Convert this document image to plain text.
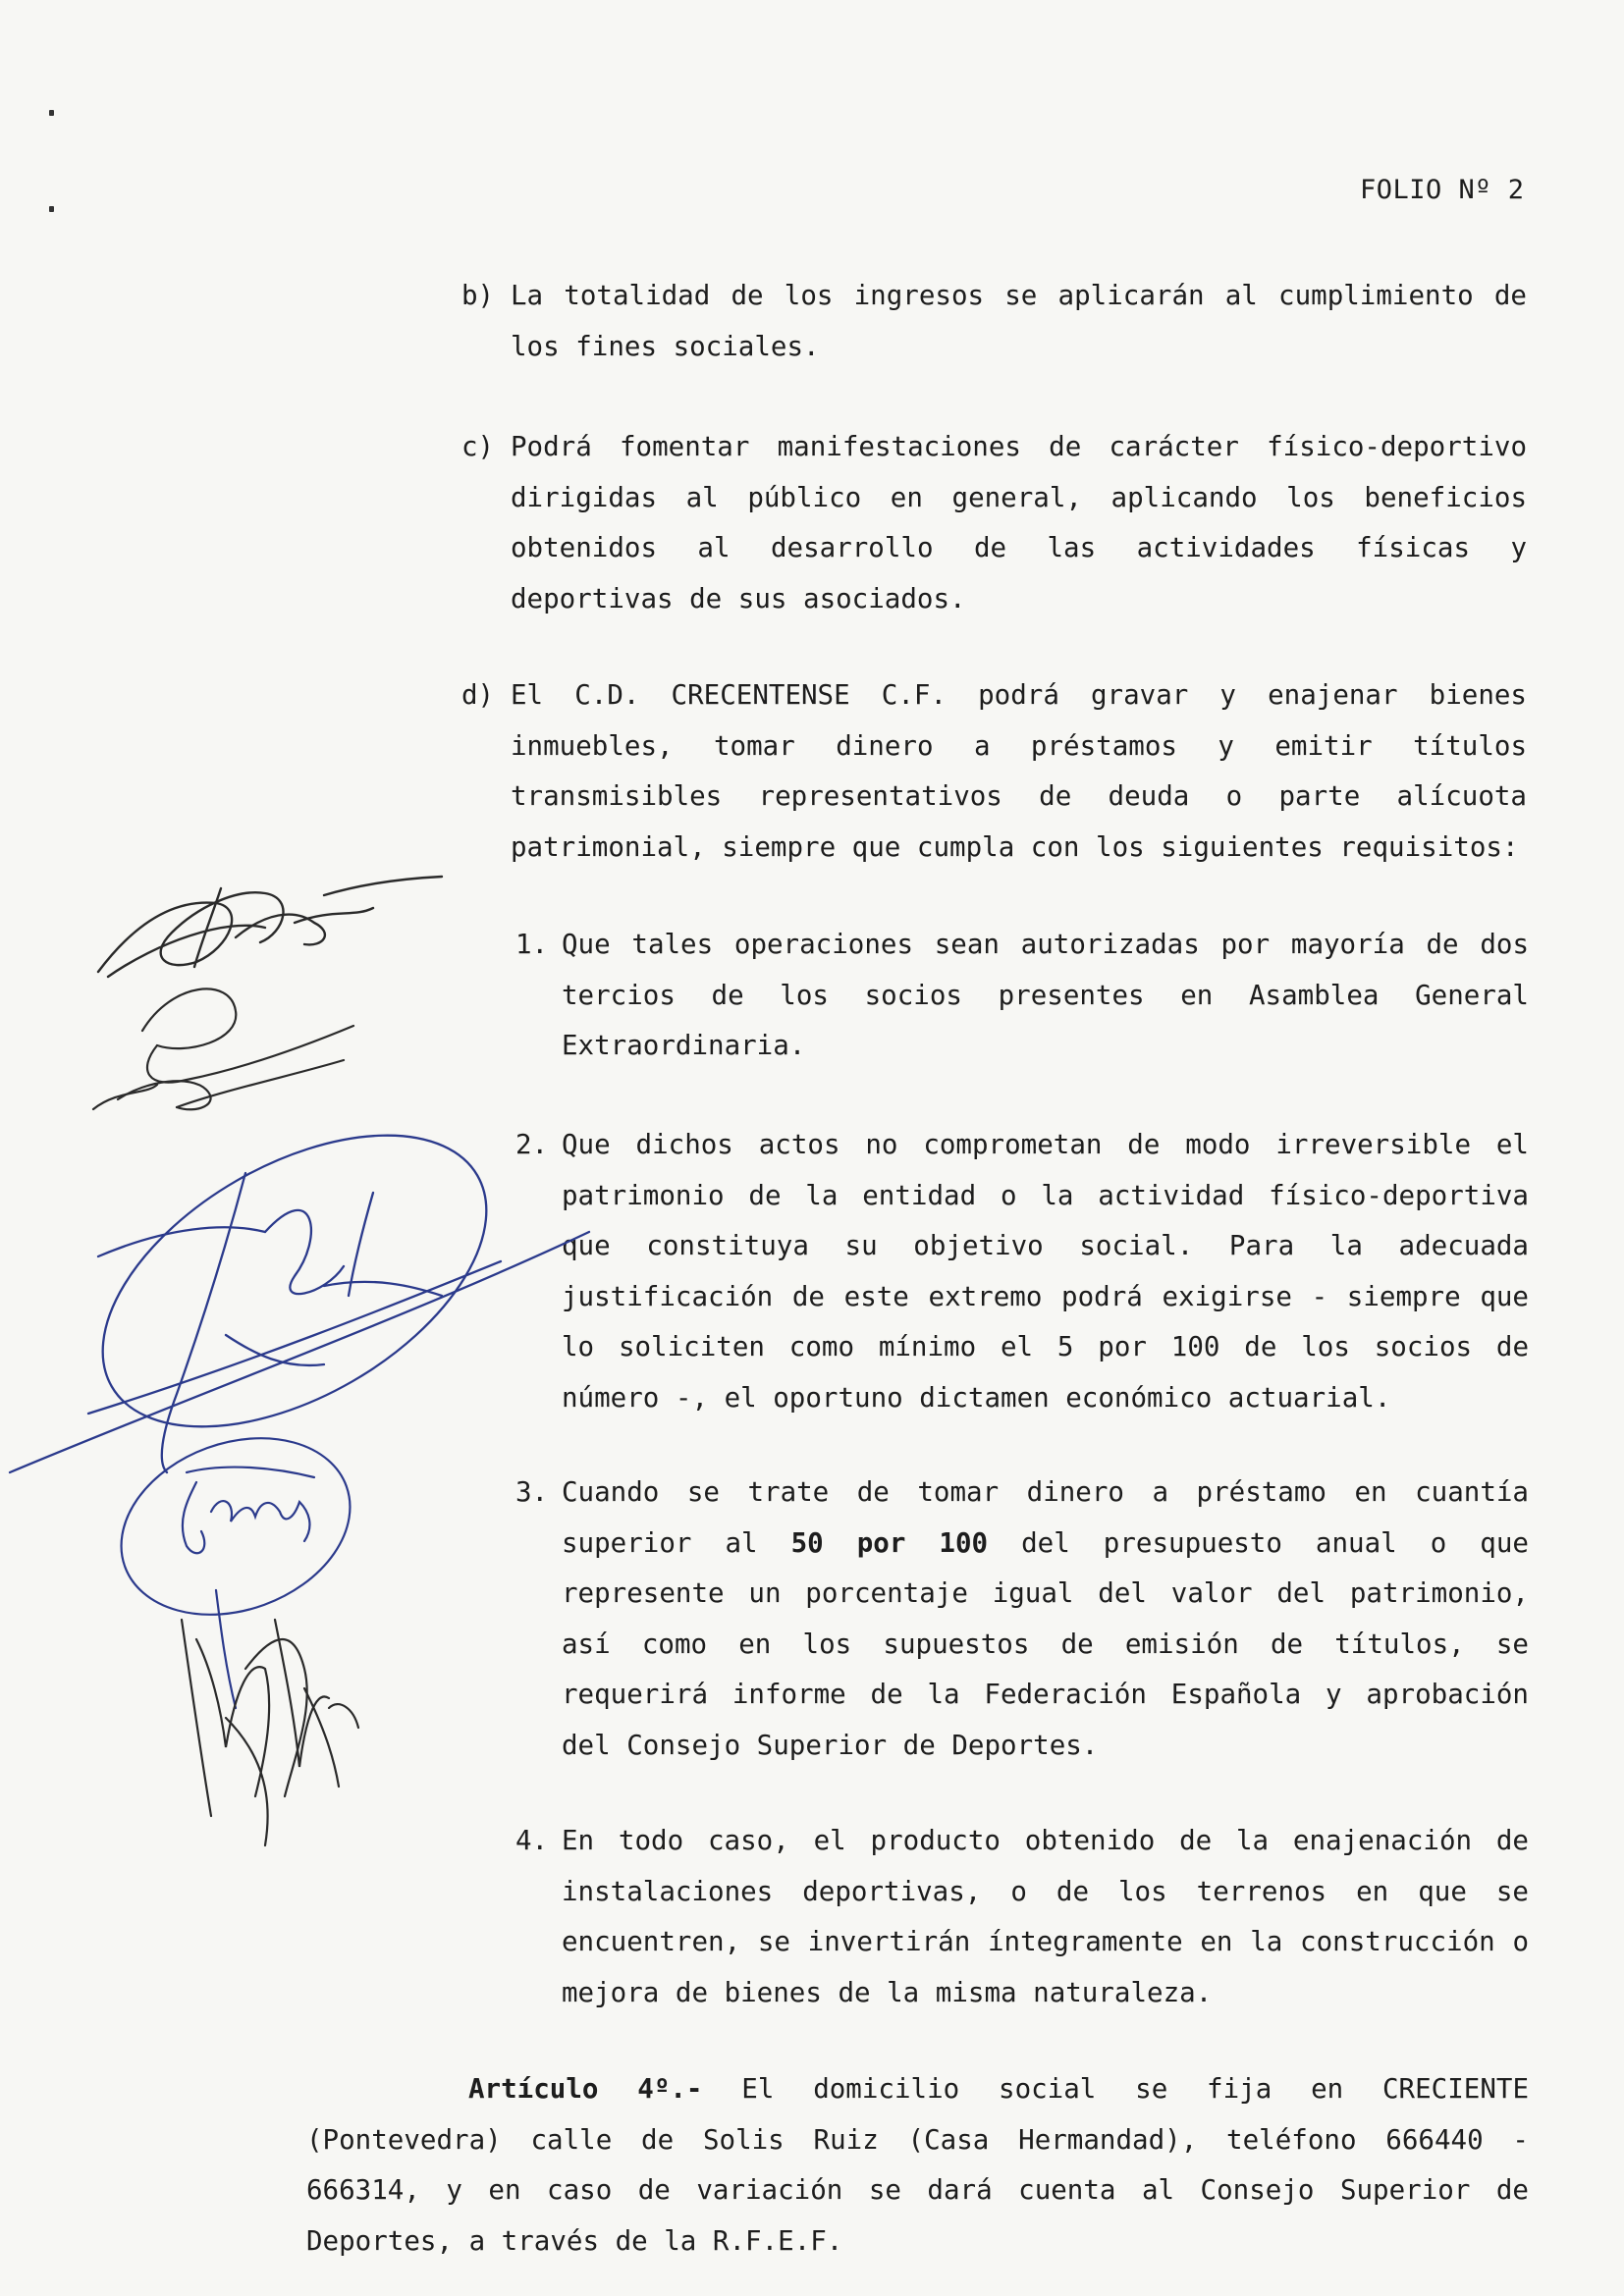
FOLIO Nº 2
b) La totalidad de los ingresos se aplicarán al cumplimiento de los fines sociales.

c) Podrá fomentar manifestaciones de carácter físico-deportivo dirigidas al público en general, aplicando los beneficios obtenidos al desarrollo de las actividades físicas y deportivas de sus asociados.

d) El C.D. CRECENTENSE C.F. podrá gravar y enajenar bienes inmuebles, tomar dinero a préstamos y emitir títulos transmisibles representativos de deuda o parte alícuota patrimonial, siempre que cumpla con los siguientes requisitos:

1. Que tales operaciones sean autorizadas por mayoría de dos tercios de los socios presentes en Asamblea General Extraordinaria.

2. Que dichos actos no comprometan de modo irreversible el patrimonio de la entidad o la actividad físico-deportiva que constituya su objetivo social. Para la adecuada justificación de este extremo podrá exigirse - siempre que lo soliciten como mínimo el 5 por 100 de los socios de número -, el oportuno dictamen económico actuarial.

3. Cuando se trate de tomar dinero a préstamo en cuantía superior al 50 por 100 del presupuesto anual o que represente un porcentaje igual del valor del patrimonio, así como en los supuestos de emisión de títulos, se requerirá informe de la Federación Española y aprobación del Consejo Superior de Deportes.

4. En todo caso, el producto obtenido de la enajenación de instalaciones deportivas, o de los terrenos en que se encuentren, se invertirán íntegramente en la construcción o mejora de bienes de la misma naturaleza.

Artículo 4º.- El domicilio social se fija en CRECIENTE (Pontevedra) calle de Solis Ruiz (Casa Hermandad), teléfono 666440 - 666314, y en caso de variación se dará cuenta al Consejo Superior de Deportes, a través de la R.F.E.F.
